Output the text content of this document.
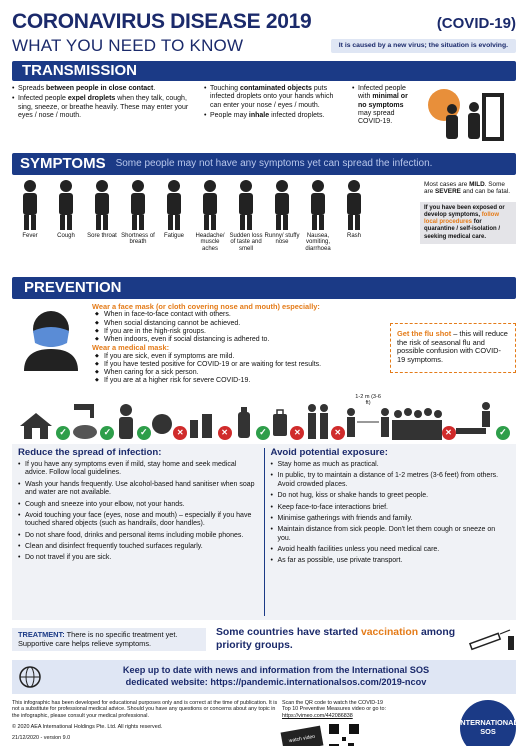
CORONAVIRUS DISEASE 2019	(COVID-19)
WHAT YOU NEED TO KNOW	It is caused by a new virus; the situation is evolving.
TRANSMISSION

• Spreads between people in close contact.

• Infected people expel droplets when they talk, cough, sing, sneeze, or breathe heavily. These may enter your eyes / nose / mouth.

• Touching contaminated objects puts infected droplets onto your hands which can enter your nose / eyes / mouth.

• People may inhale infected droplets.

• Infected people with minimal or no symptoms may spread COVID-19.

SYMPTOMS Some people may not have any symptoms yet can spread the infection.
Fever	Cough	Sore throat Shortness of breath
Fatigue	Headache/ muscle aches
Sudden loss of taste and smell
Runny/ stuffy nose
Nausea, vomiting, diarrhoea
Rash
Most cases are MILD. Some are SEVERE and can be fatal.
If you have been exposed or develop symptoms, follow local procedures for quarantine / self-isolation / seeking medical care.
PREVENTION
Wear a face mask (or cloth covering nose and mouth) especially:
◆ When in face-to-face contact with others.
◆ When social distancing cannot be achieved.
◆ If you are in the high-risk groups.
◆ When indoors, even if social distancing is adhered to.
Wear a medical mask:
◆ If you are sick, even if symptoms are mild.
◆ If you have tested positive for COVID-19 or are waiting for test results.
◆ When caring for a sick person.
◆ If you are at a higher risk for severe COVID-19.
Get the flu shot – this will reduce the risk of seasonal flu and possible confusion with COVID-19 symptoms.
✓	✓	✓	✕	✕	✓	✕	✕
1-2 m (3-6 ft)
✕	✓
Reduce the spread of infection:

• If you have any symptoms even if mild, stay home and seek medical advice. Follow local guidelines.

• Wash your hands frequently. Use alcohol-based hand sanitiser when soap and water are not available.

• Cough and sneeze into your elbow, not your hands.

• Avoid touching your face (eyes, nose and mouth) – especially if you have touched shared objects (such as handrails, door handles).

• Do not share food, drinks and personal items including mobile phones.

• Clean and disinfect frequently touched surfaces regularly.

• Do not travel if you are sick.

Avoid potential exposure:

• Stay home as much as practical.

• In public, try to maintain a distance of 1-2 metres (3-6 feet) from others. Avoid crowded places.

• Do not hug, kiss or shake hands to greet people.

• Keep face-to-face interactions brief.

• Minimise gatherings with friends and family.

• Maintain distance from sick people. Don't let them cough or sneeze on you.

• Avoid health facilities unless you need medical care.

• As far as possible, use private transport.

TREATMENT: There is no specific treatment yet. Supportive care helps relieve symptoms.
Some countries have started vaccination among priority groups.
Keep up to date with news and information from the International SOS
dedicated website: https://pandemic.internationalsos.com/2019-ncov
This infographic has been developed for educational purposes only and is correct at the time of publication. It is not a substitute for professional medical advice. Should you have any questions or concerns about any topic in the infographic, please consult your medical professional.
© 2020 AEA International Holdings Pte. Ltd. All rights reserved.
21/12/2020 - version 9.0
Scan the QR code to watch the COVID-19
Top 10 Preventive Measures video or go to:
https://vimeo.com/442086838
watch video
INTERNATIONAL SOS
